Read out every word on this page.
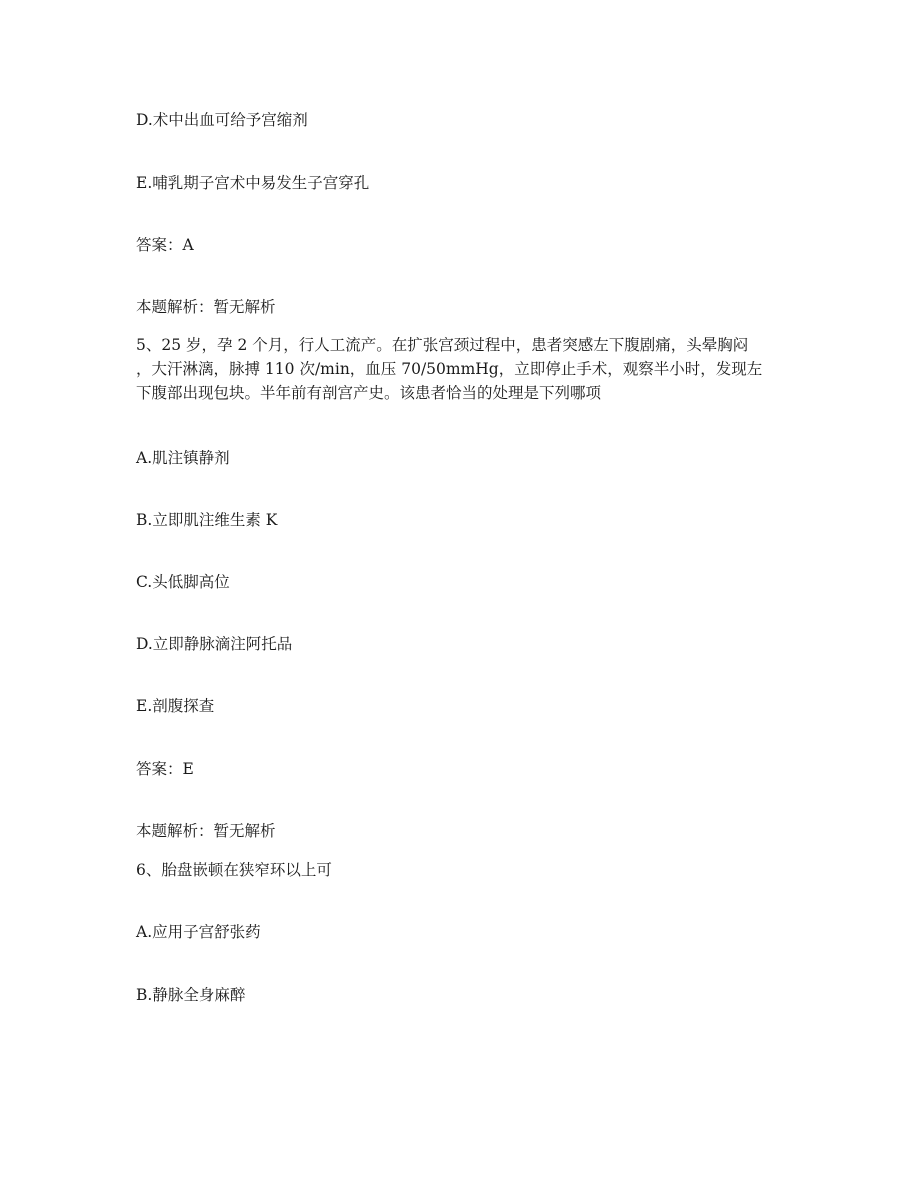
D.术中出血可给予宫缩剂
E.哺乳期子宫术中易发生子宫穿孔
答案：A
本题解析：暂无解析
5、25 岁，孕 2 个月，行人工流产。在扩张宫颈过程中，患者突感左下腹剧痛，头晕胸闷
，大汗淋漓，脉搏 110 次/min，血压 70/50mmHg，立即停止手术，观察半小时，发现左
下腹部出现包块。半年前有剖宫产史。该患者恰当的处理是下列哪项
A.肌注镇静剂
B.立即肌注维生素 K
C.头低脚高位
D.立即静脉滴注阿托品
E.剖腹探查
答案：E
本题解析：暂无解析
6、胎盘嵌顿在狭窄环以上可
A.应用子宫舒张药
B.静脉全身麻醉
